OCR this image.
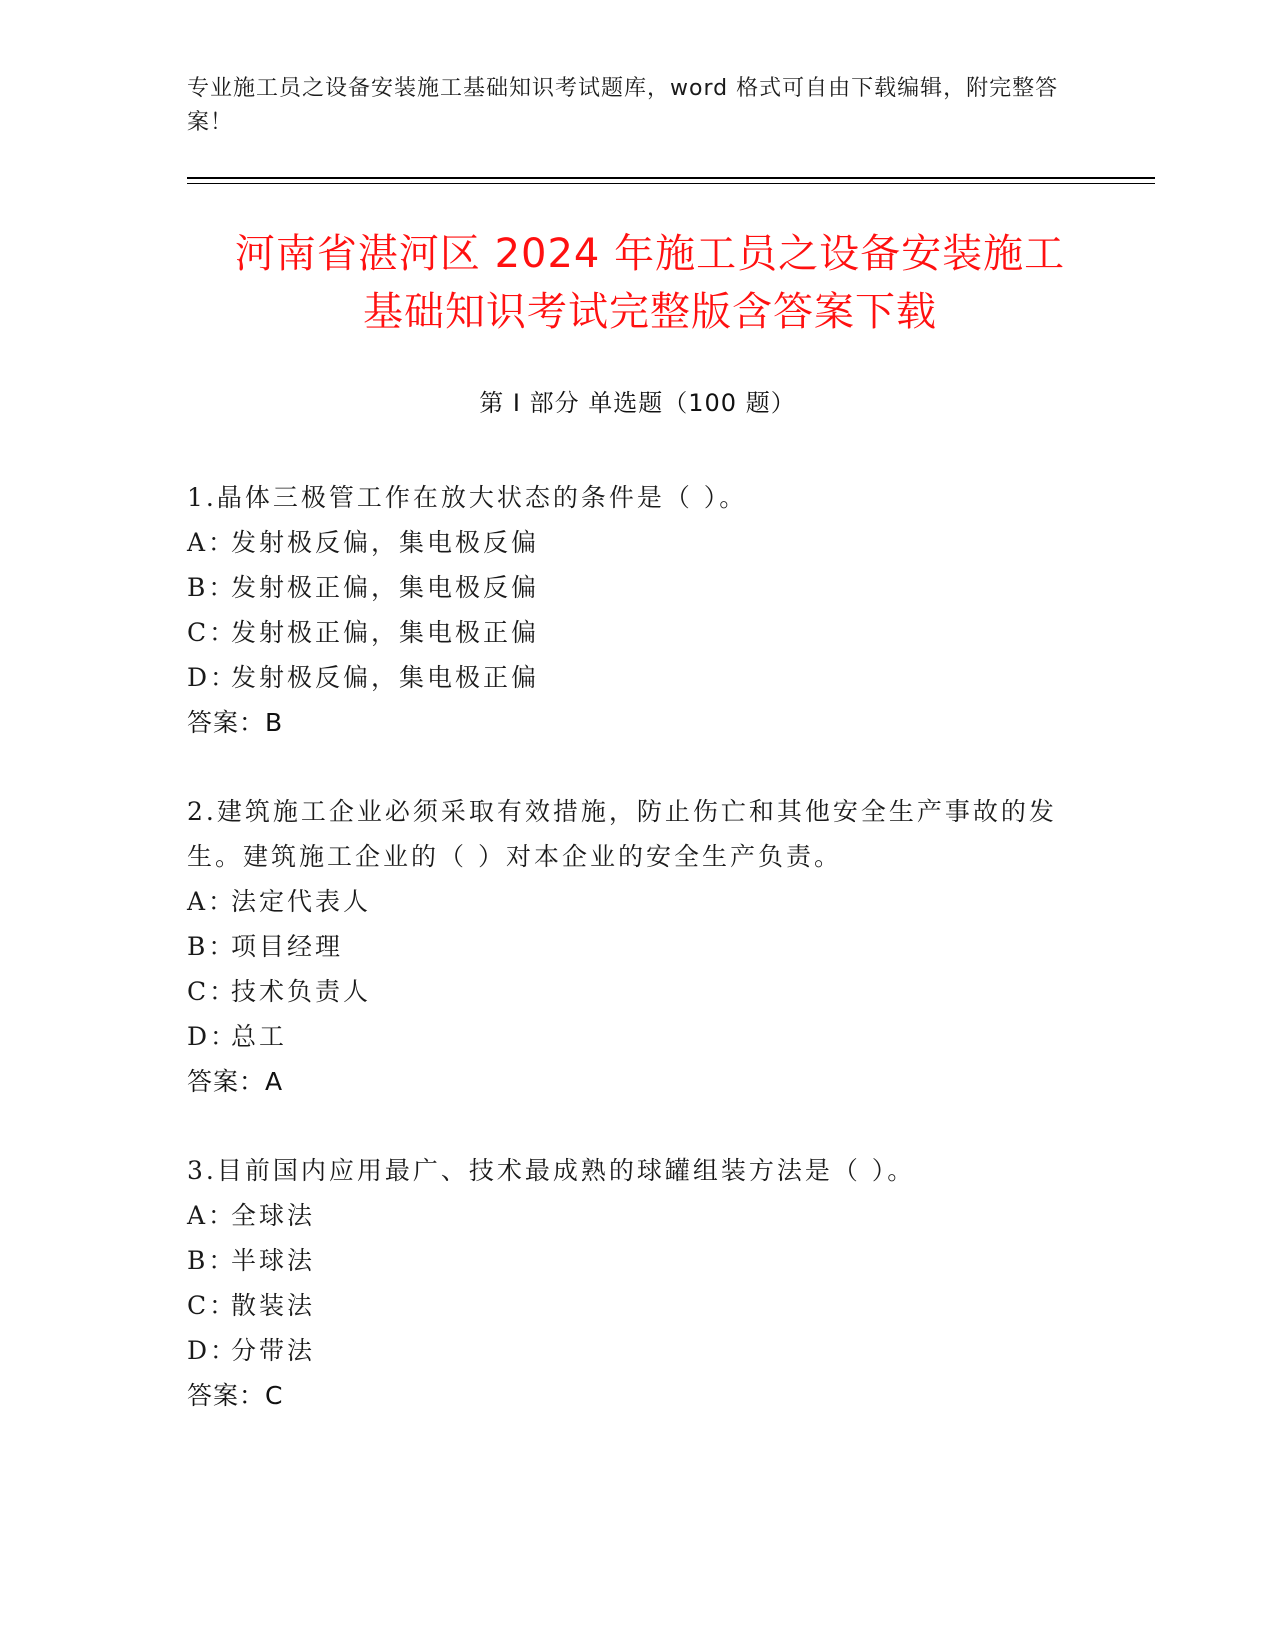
专业施工员之设备安装施工基础知识考试题库，word 格式可自由下载编辑，附完整答案！
河南省湛河区 2024 年施工员之设备安装施工
基础知识考试完整版含答案下载
第 I 部分 单选题（100 题）

1.晶体三极管工作在放大状态的条件是（ ）。

A：发射极反偏，集电极反偏
B：发射极正偏，集电极反偏
C：发射极正偏，集电极正偏
D：发射极反偏，集电极正偏

答案：B

2.建筑施工企业必须采取有效措施，防止伤亡和其他安全生产事故的发生。建筑施工企业的（ ）对本企业的安全生产负责。

A：法定代表人
B：项目经理
C：技术负责人
D：总工

答案：A

3.目前国内应用最广、技术最成熟的球罐组装方法是（ ）。

A：全球法
B：半球法
C：散装法
D：分带法

答案：C
